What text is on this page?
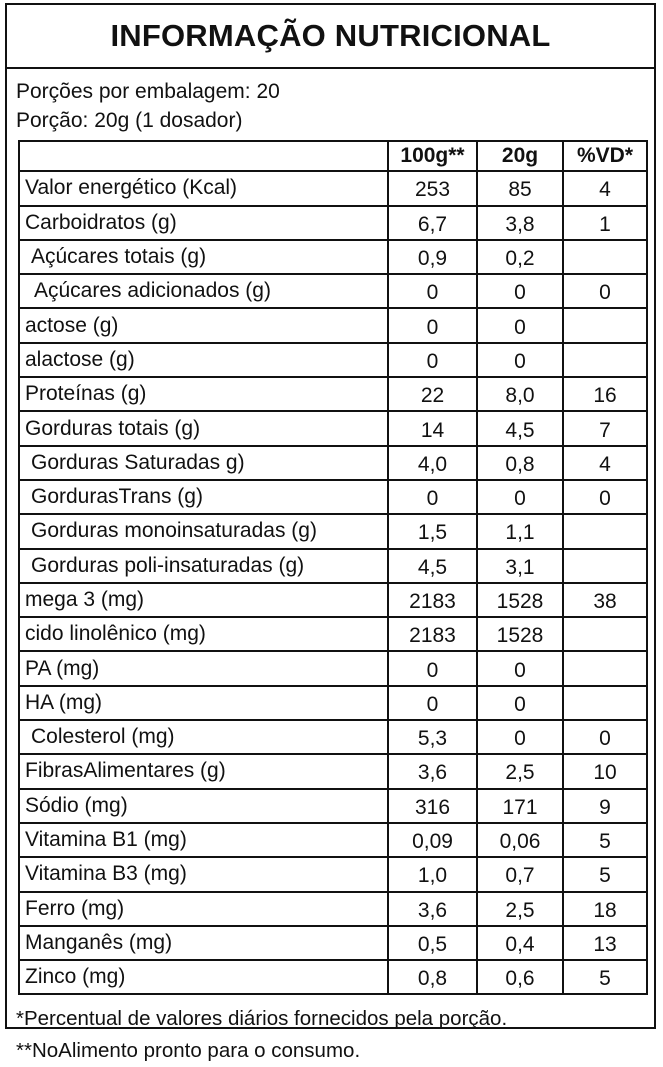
INFORMAÇÃO NUTRICIONAL
Porções por embalagem: 20
Porção: 20g (1 dosador)
	100g**	20g	%VD*
Valor energético (Kcal)	253	85	4
Carboidratos (g)	6,7	3,8	1
Açúcares totais (g)	0,9	0,2	
Açúcares adicionados (g)	0	0	0
actose (g)	0	0	
alactose (g)	0	0	
Proteínas (g)	22	8,0	16
Gorduras totais (g)	14	4,5	7
Gorduras Saturadas g)	4,0	0,8	4
GordurasTrans (g)	0	0	0
Gorduras monoinsaturadas (g)	1,5	1,1	
Gorduras poli-insaturadas (g)	4,5	3,1	
mega 3 (mg)	2183	1528	38
cido linolênico (mg)	2183	1528	
PA (mg)	0	0	
HA (mg)	0	0	
Colesterol (mg)	5,3	0	0
FibrasAlimentares (g)	3,6	2,5	10
Sódio (mg)	316	171	9
Vitamina B1 (mg)	0,09	0,06	5
Vitamina B3 (mg)	1,0	0,7	5
Ferro (mg)	3,6	2,5	18
Manganês (mg)	0,5	0,4	13
Zinco (mg)	0,8	0,6	5
*Percentual de valores diários fornecidos pela porção.
**NoAlimento pronto para o consumo.
